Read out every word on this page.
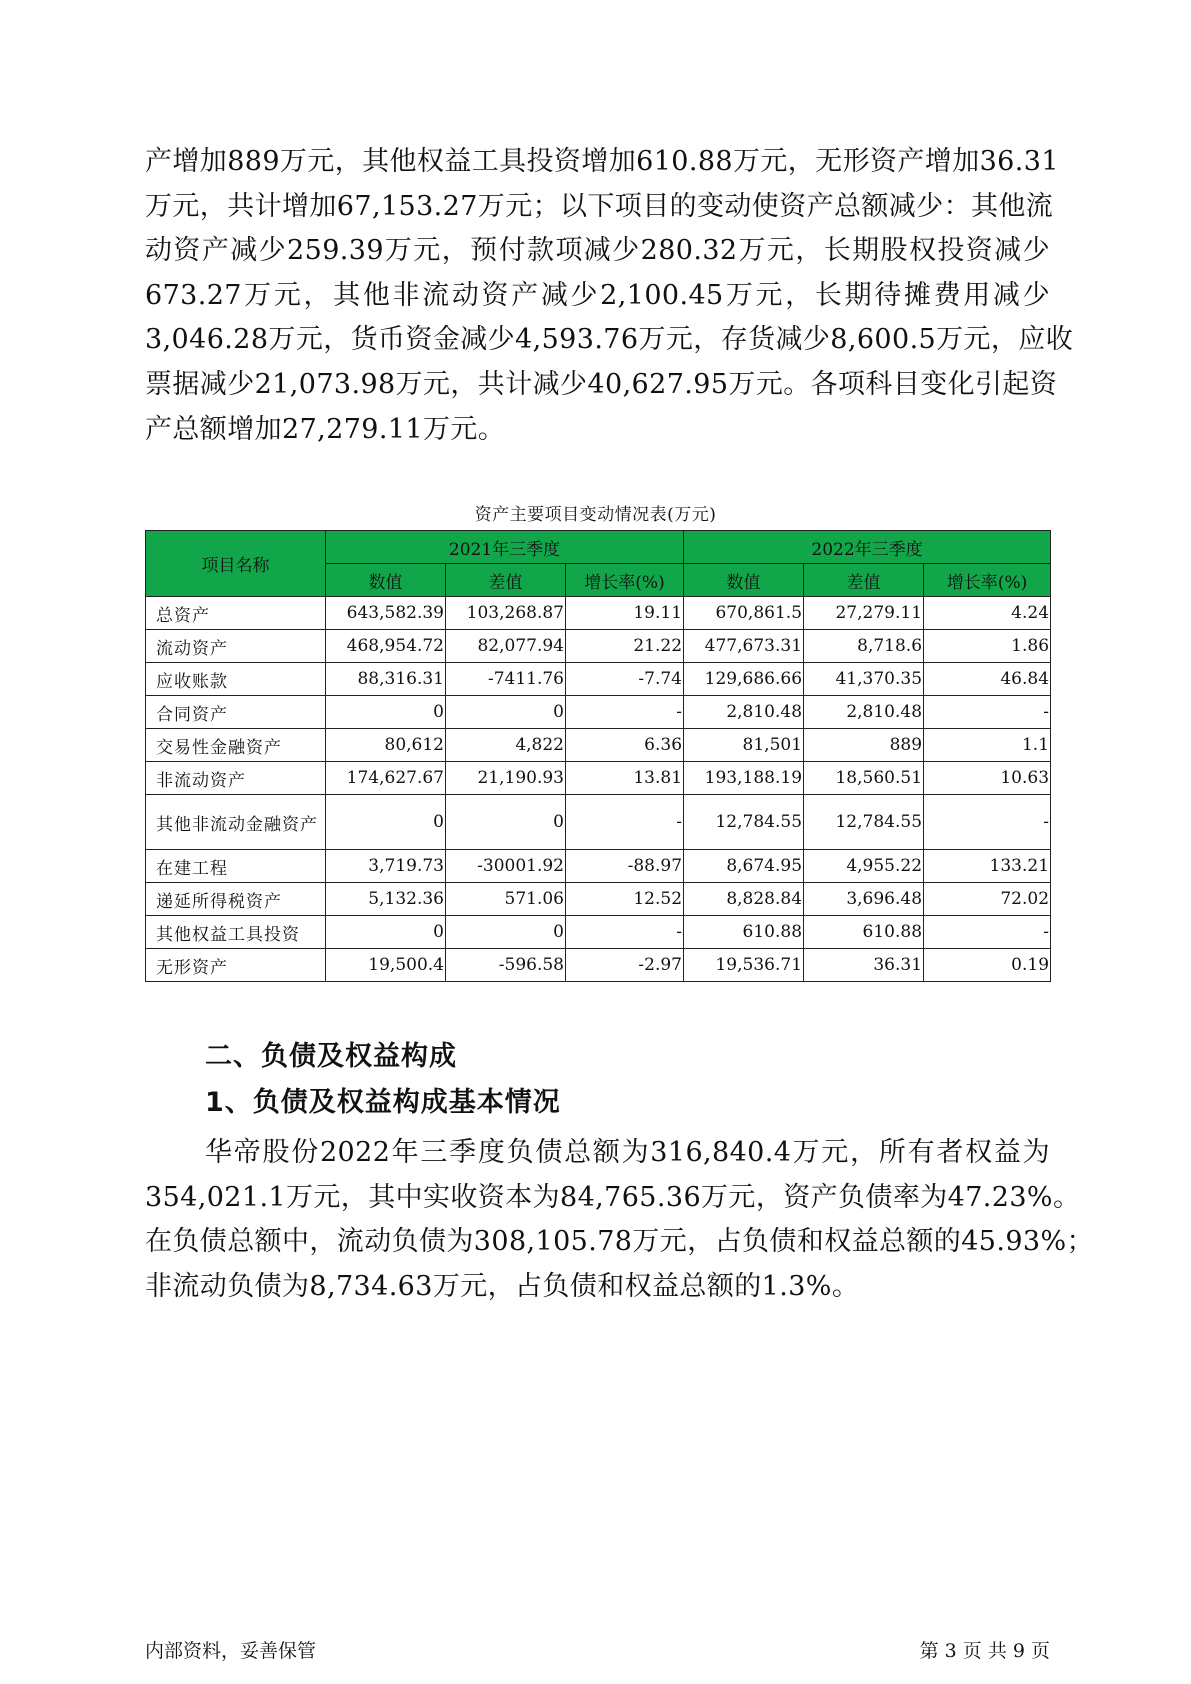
产增加889万元，其他权益工具投资增加610.88万元，无形资产增加36.31
万元，共计增加67,153.27万元；以下项目的变动使资产总额减少：其他流
动资产减少259.39万元，预付款项减少280.32万元，长期股权投资减少
673.27万元，其他非流动资产减少2,100.45万元，长期待摊费用减少
3,046.28万元，货币资金减少4,593.76万元，存货减少8,600.5万元，应收
票据减少21,073.98万元，共计减少40,627.95万元。各项科目变化引起资
产总额增加27,279.11万元。
资产主要项目变动情况表(万元)
项目名称	2021年三季度			2022年三季度		
	数值	差值	增长率(%)	数值	差值	增长率(%)
总资产	643,582.39	103,268.87	19.11	670,861.5	27,279.11	4.24
流动资产	468,954.72	82,077.94	21.22	477,673.31	8,718.6	1.86
应收账款	88,316.31	-7411.76	-7.74	129,686.66	41,370.35	46.84
合同资产	0	0	-	2,810.48	2,810.48	-
交易性金融资产	80,612	4,822	6.36	81,501	889	1.1
非流动资产	174,627.67	21,190.93	13.81	193,188.19	18,560.51	10.63
其他非流动金融资产	0	0	-	12,784.55	12,784.55	-
在建工程	3,719.73	-30001.92	-88.97	8,674.95	4,955.22	133.21
递延所得税资产	5,132.36	571.06	12.52	8,828.84	3,696.48	72.02
其他权益工具投资	0	0	-	610.88	610.88	-
无形资产	19,500.4	-596.58	-2.97	19,536.71	36.31	0.19
二、负债及权益构成
1、负债及权益构成基本情况
华帝股份2022年三季度负债总额为316,840.4万元，所有者权益为
354,021.1万元，其中实收资本为84,765.36万元，资产负债率为47.23%。
在负债总额中，流动负债为308,105.78万元，占负债和权益总额的45.93%；
非流动负债为8,734.63万元，占负债和权益总额的1.3%。
内部资料，妥善保管	第 3 页 共 9 页
